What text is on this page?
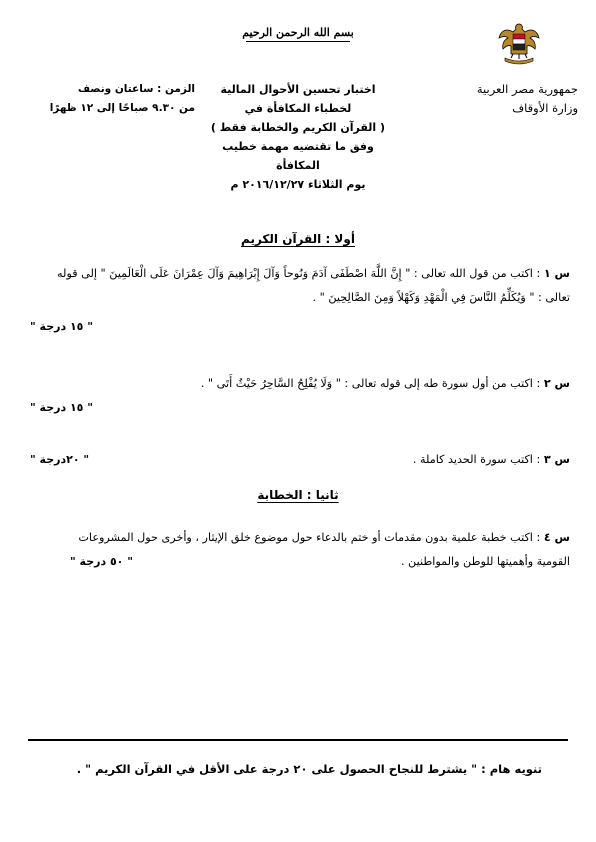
بسم الله الرحمن الرحيم
جمهورية مصر العربية
وزارة الأوقاف
اختبار تحسين الأحوال المالية
لخطباء المكافأة في
( القرآن الكريم والخطابة فقط )
وفق ما تقتضيه مهمة خطيب المكافأة
يوم الثلاثاء ٢٠١٦/١٢/٢٧ م
الزمن : ساعتان ونصف
من ٩.٣٠ صباحًا إلى ١٢ ظهرًا
أولا : القرآن الكريم
س ١ : اكتب من قول الله تعالى : " إِنَّ اللَّهَ اصْطَفَى آدَمَ وَنُوحاً وَآلَ إِبْرَاهِيمَ وَآلَ عِمْرَانَ عَلَى الْعَالَمِينَ " إلى قوله
تعالى : " وَيُكَلِّمُ النَّاسَ فِي الْمَهْدِ وَكَهْلاً وَمِنَ الصَّالِحِينَ " .
" ١٥ درجة "
س ٢ : اكتب من أول سورة طه إلى قوله تعالى : " وَلَا يُفْلِحُ السَّاحِرُ حَيْثُ أَتَى " .
" ١٥ درجة "
س ٣ : اكتب سورة الحديد كاملة .
" ٢٠درجة "
ثانيا : الخطابة
س ٤ : اكتب خطبة علمية بدون مقدمات أو ختم بالدعاء حول موضوع خلق الإيثار ، وأخرى حول المشروعات
القومية وأهميتها للوطن والمواطنين .
" ٥٠ درجة "
تنويه هام : " يشترط للنجاح الحصول على ٢٠ درجة على الأقل في القرآن الكريم " .
